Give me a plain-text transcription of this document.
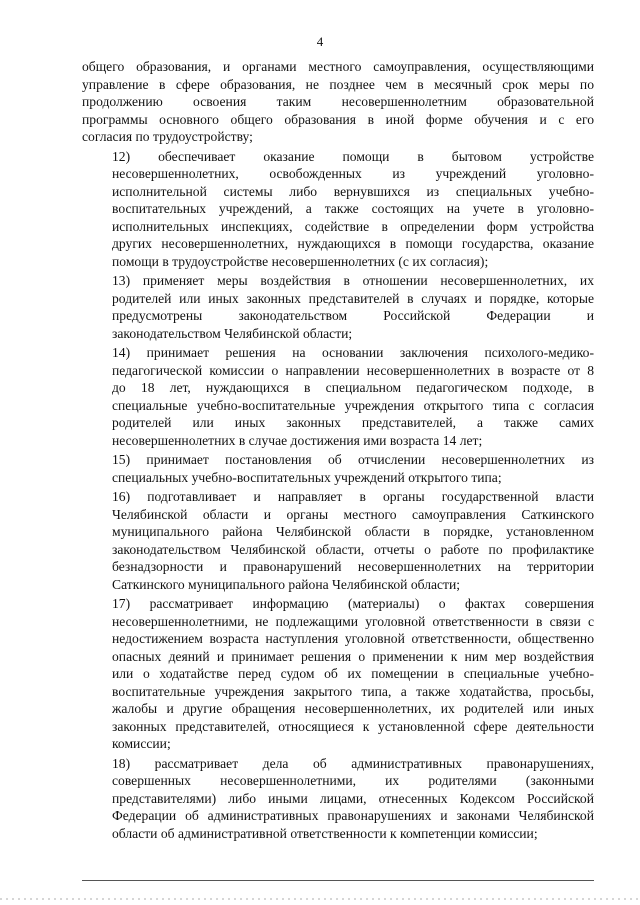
4
общего образования, и органами местного самоуправления, осуществляющими
управление в сфере образования, не позднее чем в месячный срок меры по
продолжению освоения таким несовершеннолетним образовательной
программы основного общего образования в иной форме обучения и с его
согласия по трудоустройству;
12) обеспечивает оказание помощи в бытовом устройстве
несовершеннолетних, освобожденных из учреждений уголовно-
исполнительной системы либо вернувшихся из специальных учебно-
воспитательных учреждений, а также состоящих на учете в уголовно-
исполнительных инспекциях, содействие в определении форм устройства
других несовершеннолетних, нуждающихся в помощи государства, оказание
помощи в трудоустройстве несовершеннолетних (с их согласия);
13) применяет меры воздействия в отношении несовершеннолетних, их
родителей или иных законных представителей в случаях и порядке, которые
предусмотрены законодательством Российской Федерации и
законодательством Челябинской области;
14) принимает решения на основании заключения психолого-медико-
педагогической комиссии о направлении несовершеннолетних в возрасте от 8
до 18 лет, нуждающихся в специальном педагогическом подходе, в
специальные учебно-воспитательные учреждения открытого типа с согласия
родителей или иных законных представителей, а также самих
несовершеннолетних в случае достижения ими возраста 14 лет;
15) принимает постановления об отчислении несовершеннолетних из
специальных учебно-воспитательных учреждений открытого типа;
16) подготавливает и направляет в органы государственной власти
Челябинской области и органы местного самоуправления Саткинского
муниципального района Челябинской области в порядке, установленном
законодательством Челябинской области, отчеты о работе по профилактике
безнадзорности и правонарушений несовершеннолетних на территории
Саткинского муниципального района Челябинской области;
17) рассматривает информацию (материалы) о фактах совершения
несовершеннолетними, не подлежащими уголовной ответственности в связи с
недостижением возраста наступления уголовной ответственности, общественно
опасных деяний и принимает решения о применении к ним мер воздействия
или о ходатайстве перед судом об их помещении в специальные учебно-
воспитательные учреждения закрытого типа, а также ходатайства, просьбы,
жалобы и другие обращения несовершеннолетних, их родителей или иных
законных представителей, относящиеся к установленной сфере деятельности
комиссии;
18) рассматривает дела об административных правонарушениях,
совершенных несовершеннолетними, их родителями (законными
представителями) либо иными лицами, отнесенных Кодексом Российской
Федерации об административных правонарушениях и законами Челябинской
области об административной ответственности к компетенции комиссии;
